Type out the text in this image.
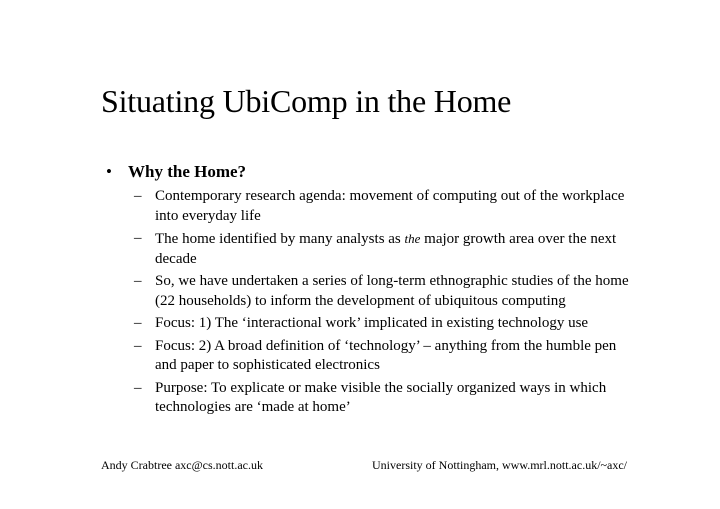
Situating UbiComp in the Home
• Why the Home?
– Contemporary research agenda: movement of computing out of the workplace into everyday life
– The home identified by many analysts as the major growth area over the next decade
– So, we have undertaken a series of long-term ethnographic studies of the home (22 households) to inform the development of ubiquitous computing
– Focus: 1) The ‘interactional work’ implicated in existing technology use
– Focus: 2) A broad definition of ‘technology’ – anything from the humble pen and paper to sophisticated electronics
– Purpose: To explicate or make visible the socially organized ways in which technologies are ‘made at home’
Andy Crabtree axc@cs.nott.ac.uk	University of Nottingham, www.mrl.nott.ac.uk/~axc/
